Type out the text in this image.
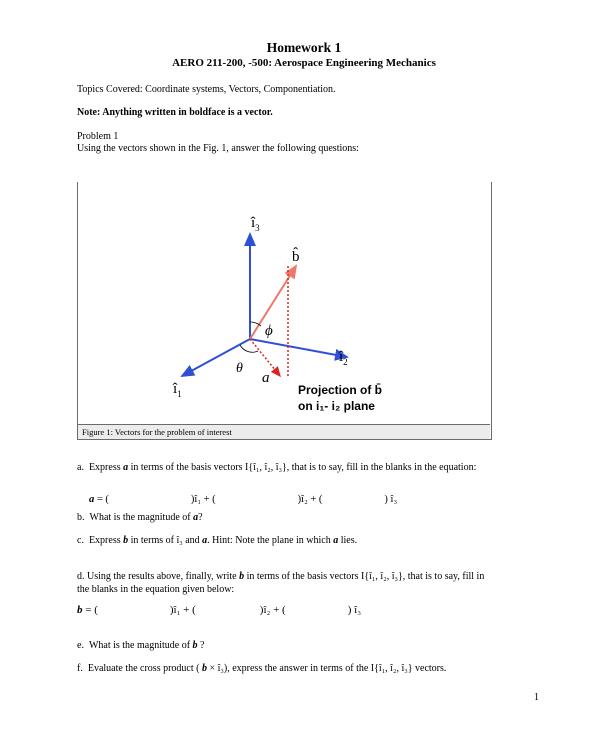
Homework 1
AERO 211-200, -500: Aerospace Engineering Mechanics
Topics Covered: Coordinate systems, Vectors, Componentiation.
Note: Anything written in boldface is a vector.
Problem 1
Using the vectors shown in the Fig. 1, answer the following questions:
$î_3$
$î_2$
$î_1$
b̂
a⃗
ϕ
θ
Projection of b̄
on i₁- i₂ plane
Figure 1: Vectors for the problem of interest
a. Express a in terms of the basis vectors I{î₁, î₂, î₃}, that is to say, fill in the blanks in the equation:
a = (	)î₁ + (	)î₂ + (	) î₃
b. What is the magnitude of a?
c. Express b in terms of î₃ and a. Hint: Note the plane in which a lies.
d. Using the results above, finally, write b in terms of the basis vectors I{î₁, î₂, î₃}, that is to say, fill in
the blanks in the equation given below:
b = (	)î₁ + (	)î₂ + (	) î₃
e. What is the magnitude of b ?
f. Evaluate the cross product ( b × î₃), express the answer in terms of the I{î₁, î₂, î₃} vectors.
1
